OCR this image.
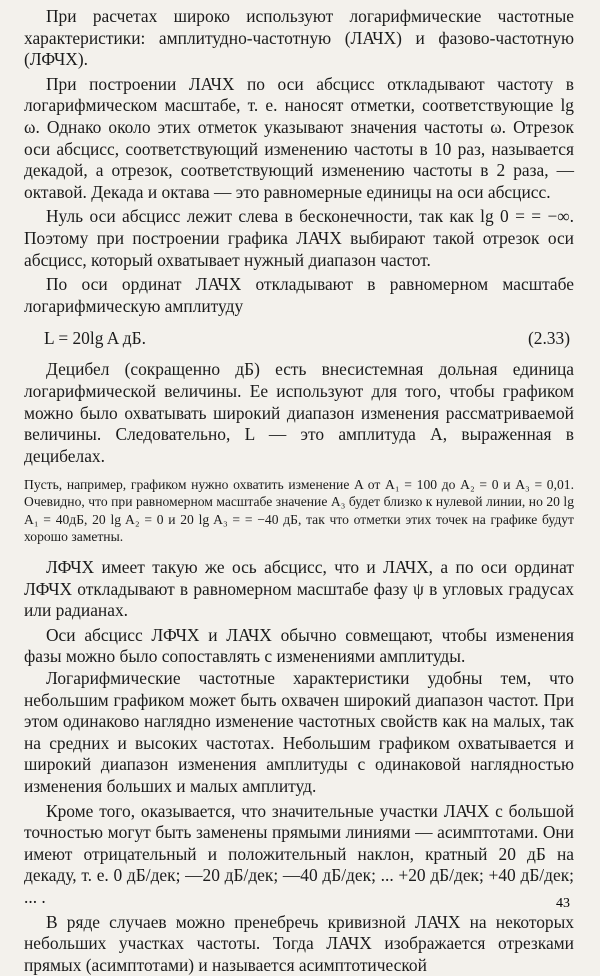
При расчетах широко используют логарифмические частотные характеристики: амплитудно-частотную (ЛАЧХ) и фазово-частотную (ЛФЧХ).

При построении ЛАЧХ по оси абсцисс откладывают частоту в логарифмическом масштабе, т. е. наносят отметки, соответствующие lg ω. Однако около этих отметок указывают значения частоты ω. Отрезок оси абсцисс, соответствующий изменению частоты в 10 раз, называется декадой, а отрезок, соответствующий изменению частоты в 2 раза, — октавой. Декада и октава — это равномерные единицы на оси абсцисс.

Нуль оси абсцисс лежит слева в бесконечности, так как lg 0 = = −∞. Поэтому при построении графика ЛАЧХ выбирают такой отрезок оси абсцисс, который охватывает нужный диапазон частот.

По оси ординат ЛАЧХ откладывают в равномерном масштабе логарифмическую амплитуду

L = 20lg A дБ.	(2.33)

Децибел (сокращенно дБ) есть внесистемная дольная единица логарифмической величины. Ее используют для того, чтобы графиком можно было охватывать широкий диапазон изменения рассматриваемой величины. Следовательно, L — это амплитуда A, выраженная в децибелах.

Пусть, например, графиком нужно охватить изменение A от A₁ = 100 до A₂ = 0 и A₃ = 0,01. Очевидно, что при равномерном масштабе значение A₃ будет близко к нулевой линии, но 20 lg A₁ = 40дБ, 20 lg A₂ = 0 и 20 lg A₃ = = −40 дБ, так что отметки этих точек на графике будут хорошо заметны.

ЛФЧХ имеет такую же ось абсцисс, что и ЛАЧХ, а по оси ординат ЛФЧХ откладывают в равномерном масштабе фазу ψ в угловых градусах или радианах.

Оси абсцисс ЛФЧХ и ЛАЧХ обычно совмещают, чтобы изменения фазы можно было сопоставлять с изменениями амплитуды.

Логарифмические частотные характеристики удобны тем, что небольшим графиком может быть охвачен широкий диапазон частот. При этом одинаково наглядно изменение частотных свойств как на малых, так на средних и высоких частотах. Небольшим графиком охватывается и широкий диапазон изменения амплитуды с одинаковой наглядностью изменения больших и малых амплитуд.

Кроме того, оказывается, что значительные участки ЛАЧХ с большой точностью могут быть заменены прямыми линиями — асимптотами. Они имеют отрицательный и положительный наклон, кратный 20 дБ на декаду, т. е. 0 дБ/дек; —20 дБ/дек; —40 дБ/дек; ... +20 дБ/дек; +40 дБ/дек; ... .

В ряде случаев можно пренебречь кривизной ЛАЧХ на некоторых небольших участках частоты. Тогда ЛАЧХ изображается отрезками прямых (асимптотами) и называется асимптотической

43
